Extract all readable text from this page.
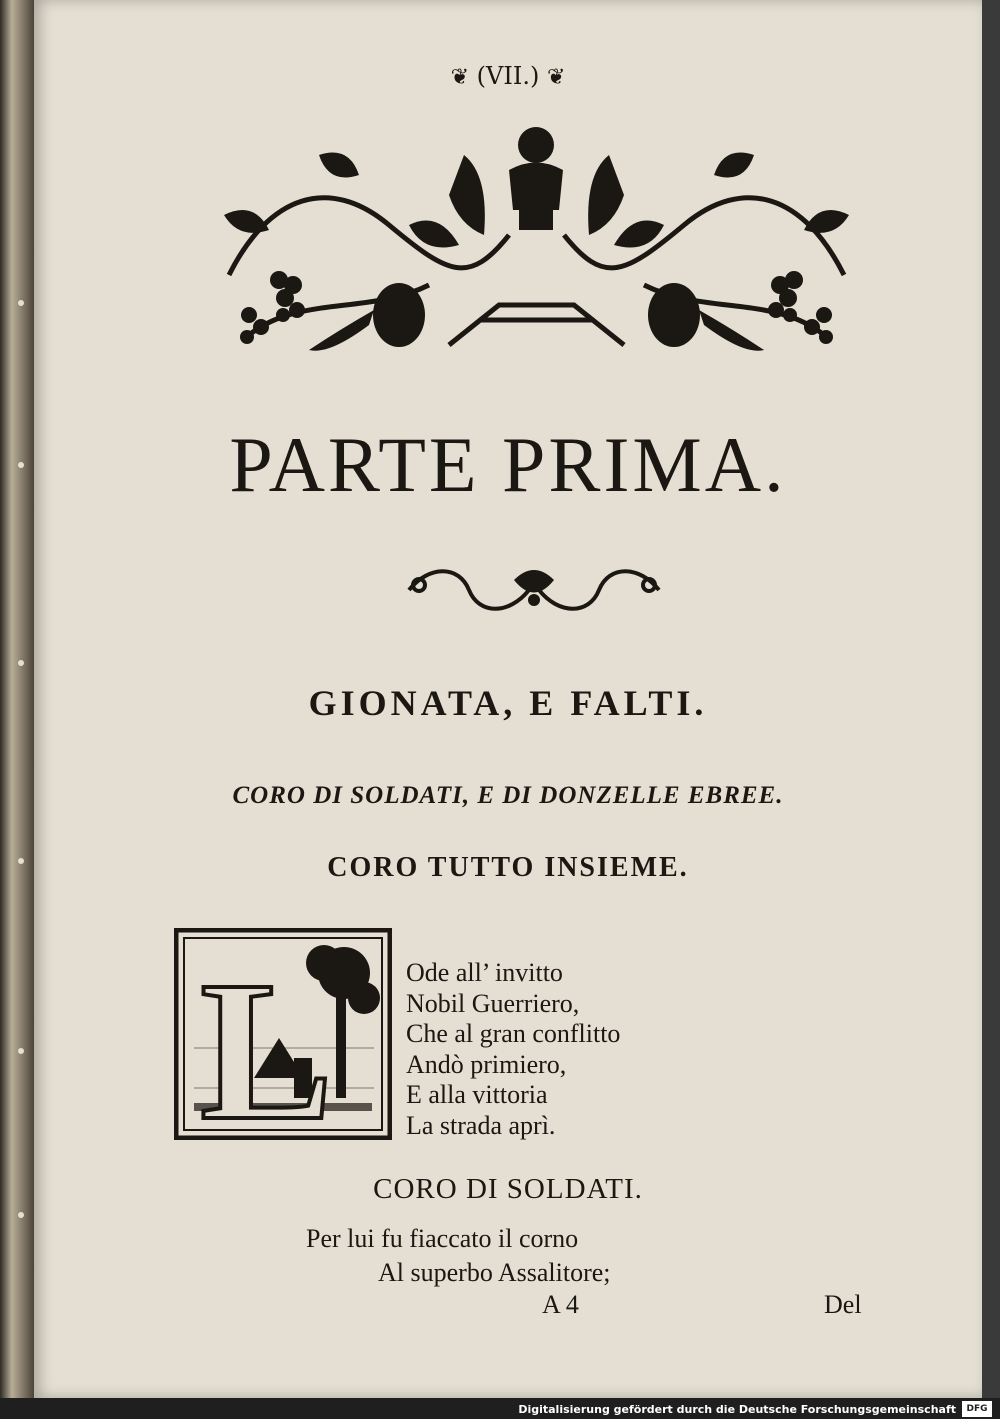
❦ (VII.) ❦
PARTE PRIMA.
GIONATA, E FALTI.
CORO DI SOLDATI, E DI DONZELLE EBREE.
CORO TUTTO INSIEME.
L	Ode all’ invitto
Nobil Guerriero,
Che al gran conflitto
Andò primiero,
E alla vittoria
La strada aprì.
CORO DI SOLDATI.
Per lui fu fiaccato il corno
Al superbo Assalitore;
A 4	Del
Digitalisierung gefördert durch die Deutsche Forschungsgemeinschaft	DFG
